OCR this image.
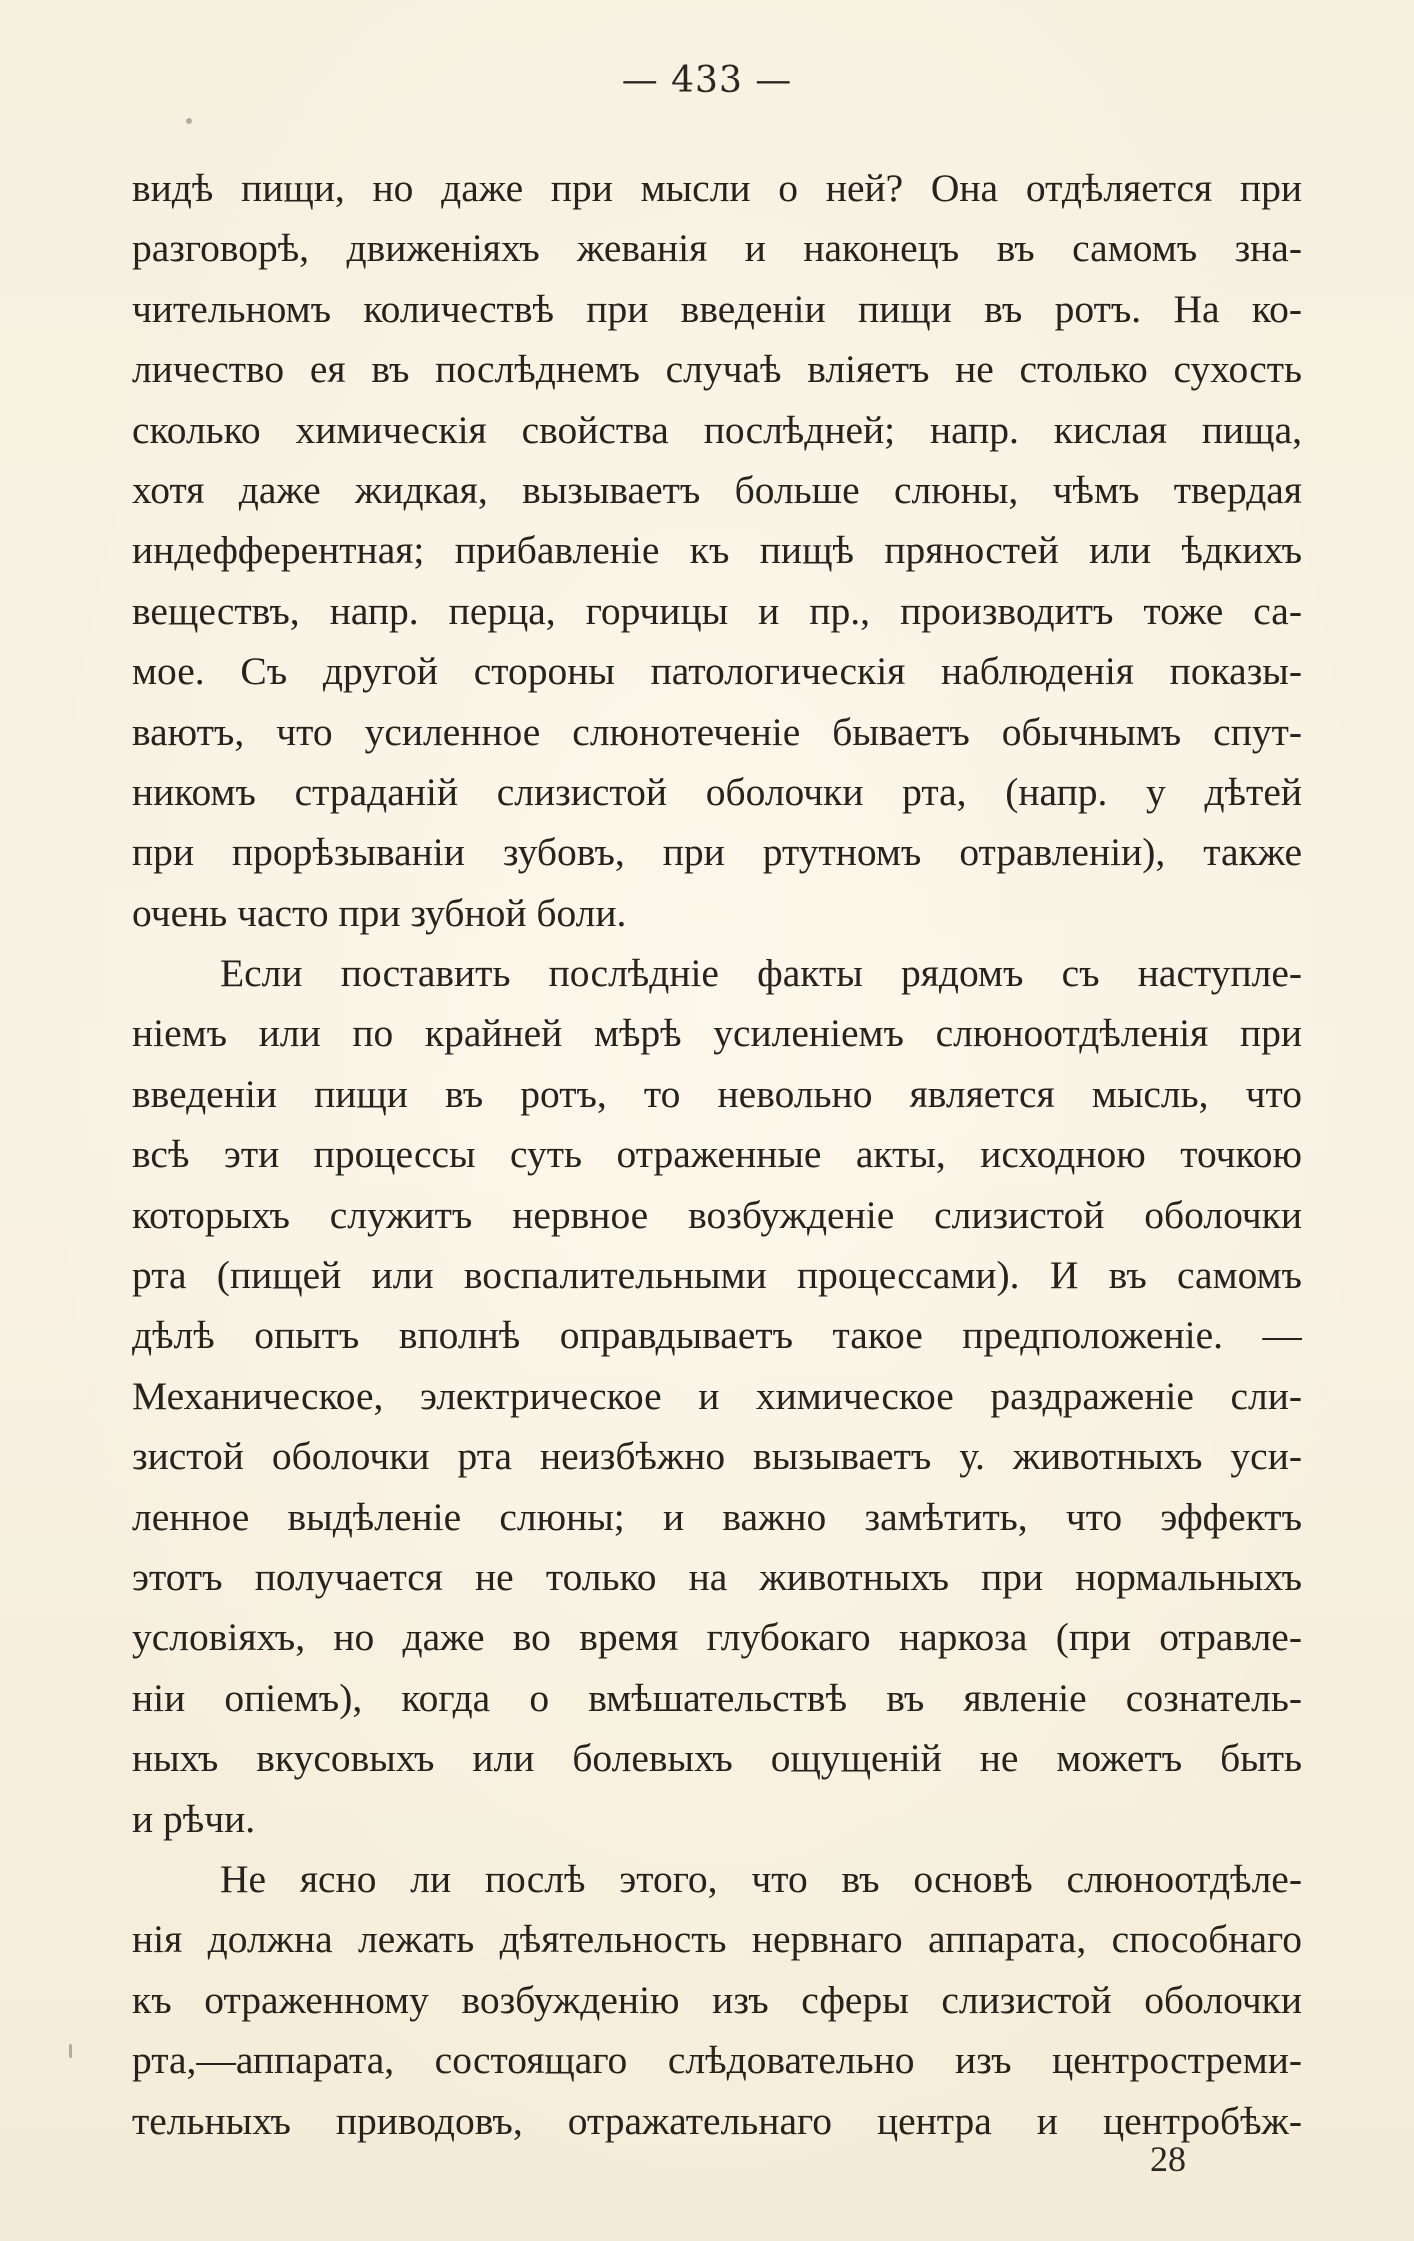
— 433 —
видѣ пищи, но даже при мысли о ней? Она отдѣляется при
разговорѣ, движеніяхъ жеванія и наконецъ въ самомъ зна-
чительномъ количествѣ при введеніи пищи въ ротъ. На ко-
личество ея въ послѣднемъ случаѣ вліяетъ не столько сухость
сколько химическія свойства послѣдней; напр. кислая пища,
хотя даже жидкая, вызываетъ больше слюны, чѣмъ твердая
индефферентная; прибавленіе къ пищѣ пряностей или ѣдкихъ
веществъ, напр. перца, горчицы и пр., производитъ тоже са-
мое. Съ другой стороны патологическія наблюденія показы-
ваютъ, что усиленное слюнотеченіе бываетъ обычнымъ спут-
никомъ страданій слизистой оболочки рта, (напр. у дѣтей
при прорѣзываніи зубовъ, при ртутномъ отравленіи), также
очень часто при зубной боли.
Если поставить послѣдніе факты рядомъ съ наступле-
ніемъ или по крайней мѣрѣ усиленіемъ слюноотдѣленія при
введеніи пищи въ ротъ, то невольно является мысль, что
всѣ эти процессы суть отраженные акты, исходною точкою
которыхъ служитъ нервное возбужденіе слизистой оболочки
рта (пищей или воспалительными процессами). И въ самомъ
дѣлѣ опытъ вполнѣ оправдываетъ такое предположеніе. —
Механическое, электрическое и химическое раздраженіе сли-
зистой оболочки рта неизбѣжно вызываетъ у. животныхъ уси-
ленное выдѣленіе слюны; и важно замѣтить, что эффектъ
этотъ получается не только на животныхъ при нормальныхъ
условіяхъ, но даже во время глубокаго наркоза (при отравле-
ніи опіемъ), когда о вмѣшательствѣ въ явленіе сознатель-
ныхъ вкусовыхъ или болевыхъ ощущеній не можетъ быть
и рѣчи.
Не ясно ли послѣ этого, что въ основѣ слюноотдѣле-
нія должна лежать дѣятельность нервнаго аппарата, способнаго
къ отраженному возбужденію изъ сферы слизистой оболочки
рта,—аппарата, состоящаго слѣдовательно изъ центростреми-
тельныхъ приводовъ, отражательнаго центра и центробѣж-
28
